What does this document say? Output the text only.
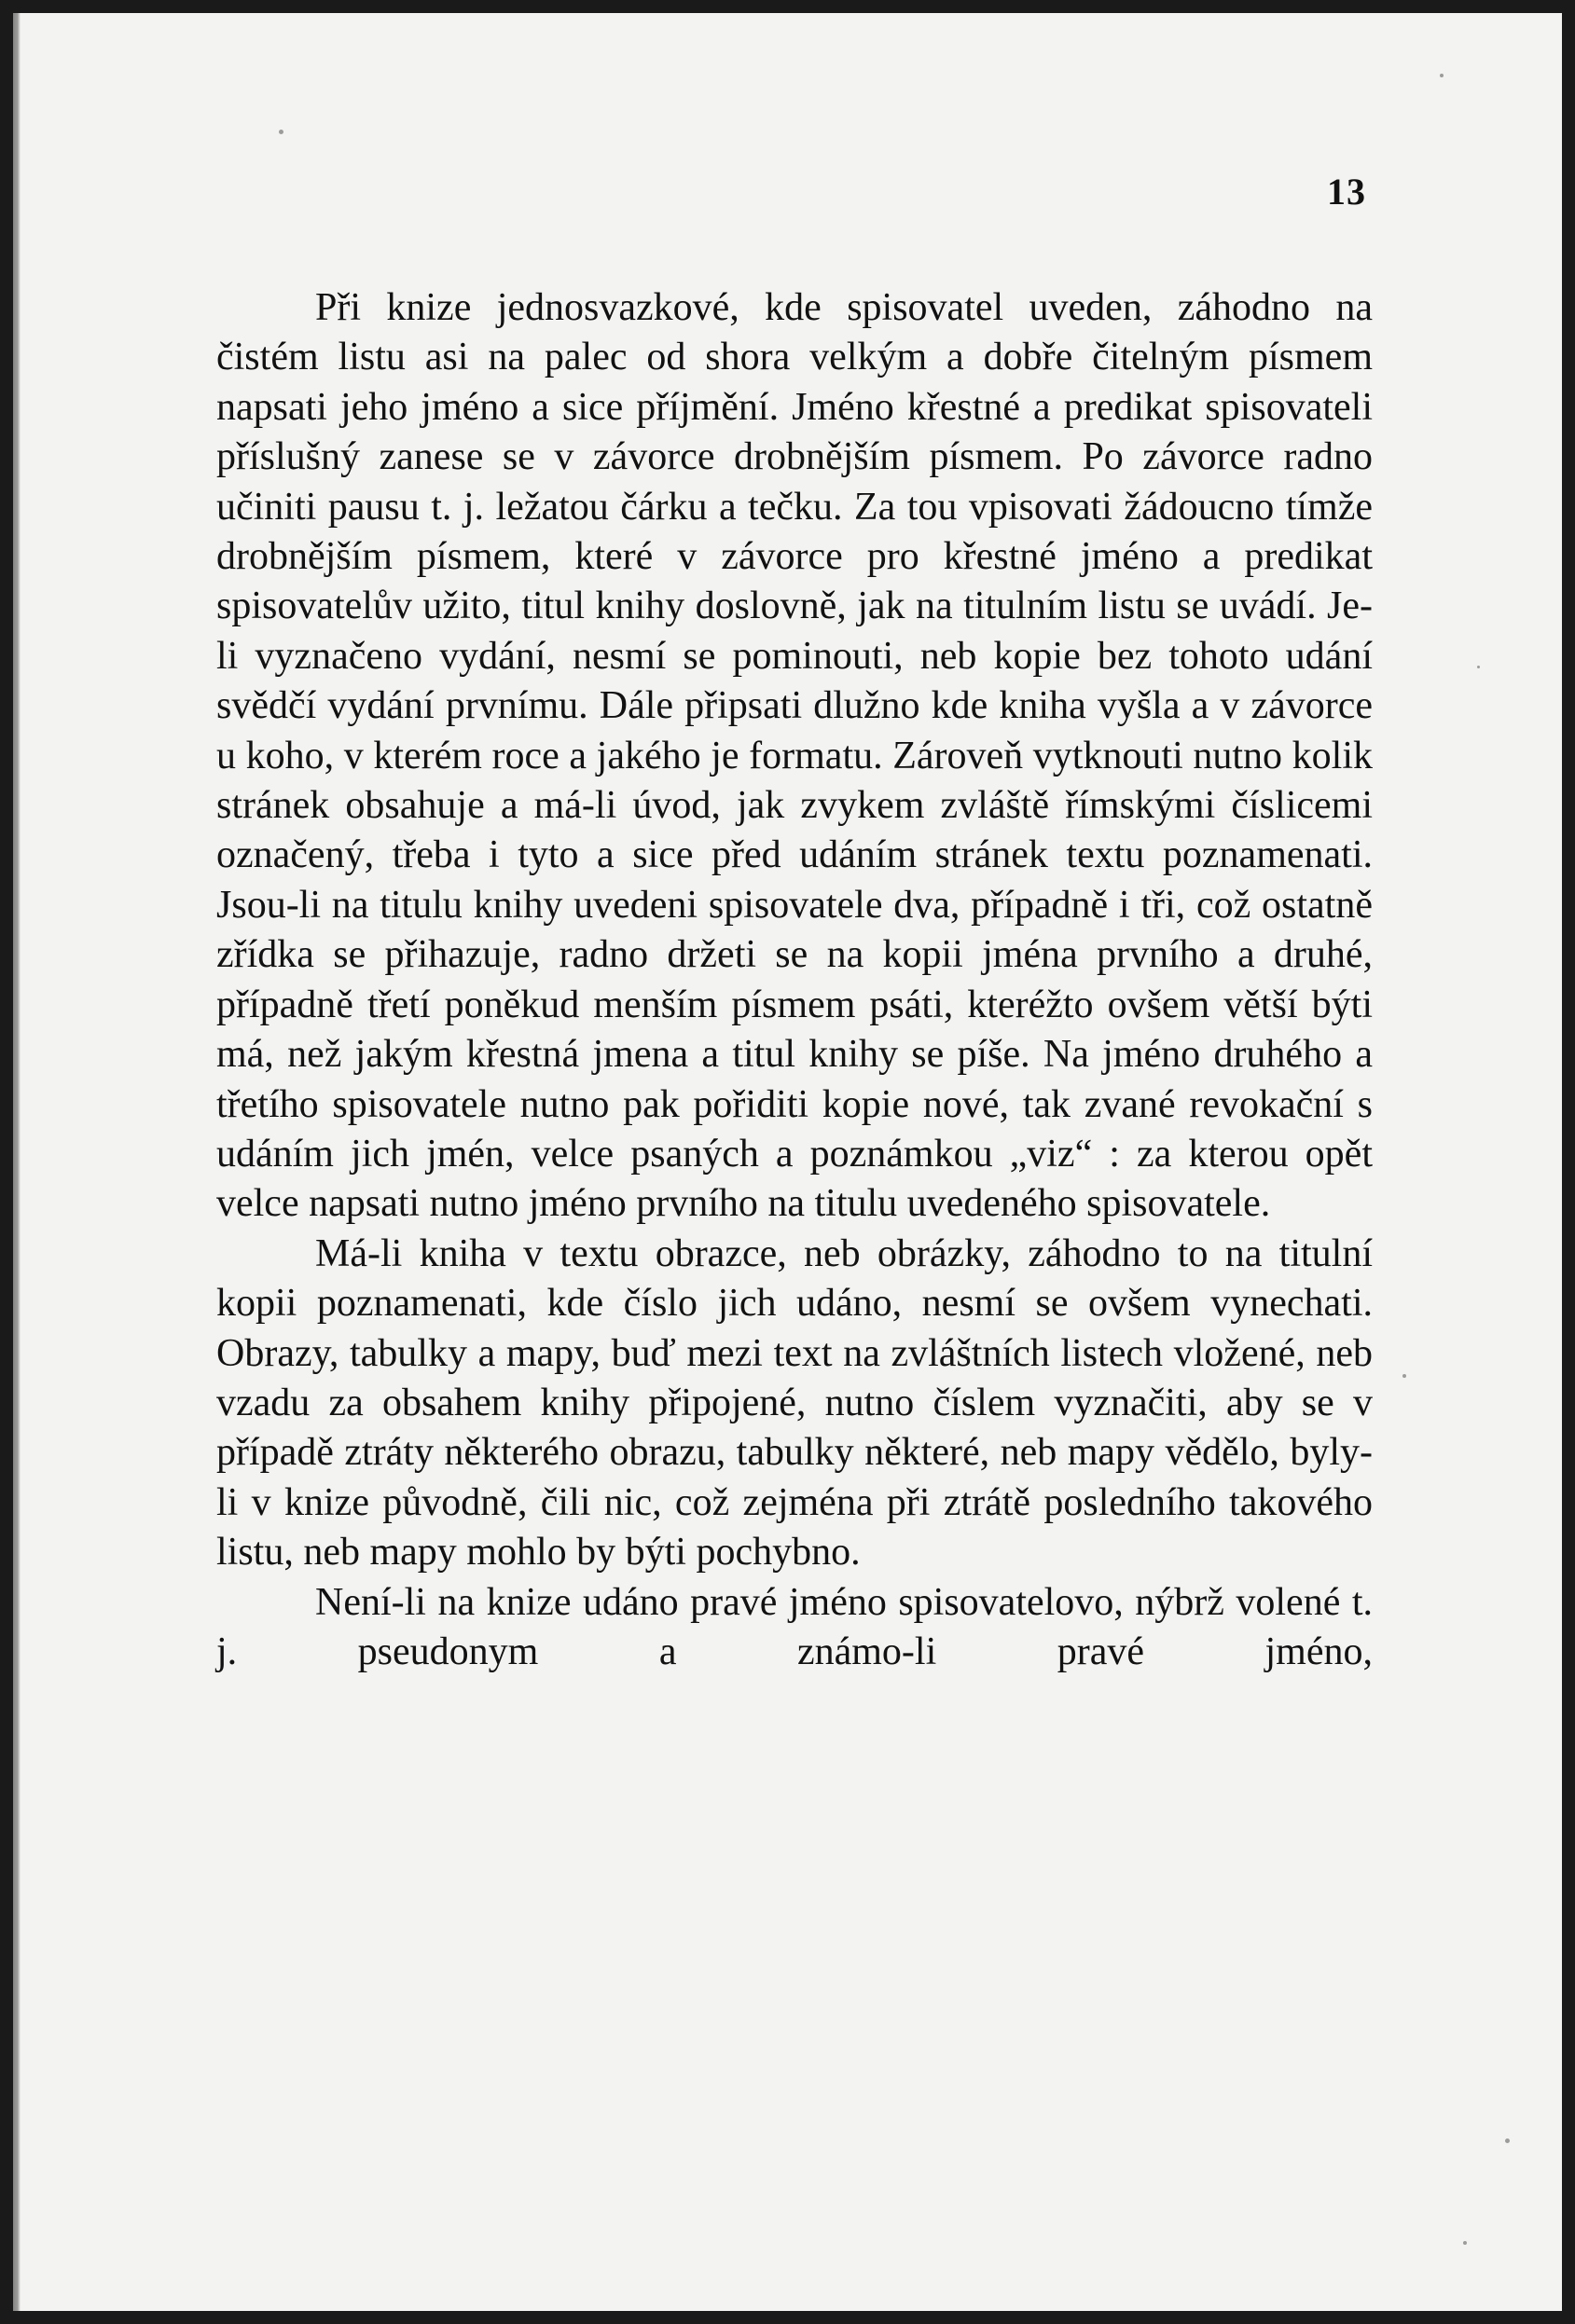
13

Při knize jednosvazkové, kde spisovatel uveden, záhodno na čistém listu asi na palec od shora velkým a dobře čitelným písmem napsati jeho jméno a sice příjmění. Jméno křestné a predikat spisovateli příslušný zanese se v závorce drobnějším písmem. Po závorce radno učiniti pausu t. j. ležatou čárku a tečku. Za tou vpisovati žádoucno tímže drobnějším písmem, které v závorce pro křestné jméno a predikat spisovatelův užito, titul knihy doslovně, jak na titulním listu se uvádí. Je-li vyznačeno vydání, nesmí se pominouti, neb kopie bez tohoto udání svědčí vydání prvnímu. Dále připsati dlužno kde kniha vyšla a v závorce u koho, v kterém roce a jakého je formatu. Zároveň vytknouti nutno kolik stránek obsahuje a má-li úvod, jak zvykem zvláště římskými číslicemi označený, třeba i tyto a sice před udáním stránek textu poznamenati. Jsou-li na titulu knihy uvedeni spisovatele dva, případně i tři, což ostatně zřídka se přihazuje, radno držeti se na kopii jména prvního a druhé, případně třetí poněkud menším písmem psáti, kteréžto ovšem větší býti má, než jakým křestná jmena a titul knihy se píše. Na jméno druhého a třetího spisovatele nutno pak pořiditi kopie nové, tak zvané revokační s udáním jich jmén, velce psaných a poznámkou „viz“ : za kterou opět velce napsati nutno jméno prvního na titulu uvedeného spisovatele.

Má-li kniha v textu obrazce, neb obrázky, záhodno to na titulní kopii poznamenati, kde číslo jich udáno, nesmí se ovšem vynechati. Obrazy, tabulky a mapy, buď mezi text na zvláštních listech vložené, neb vzadu za obsahem knihy připojené, nutno číslem vyznačiti, aby se v případě ztráty některého obrazu, tabulky některé, neb mapy vědělo, byly-li v knize původně, čili nic, což zejména při ztrátě posledního takového listu, neb mapy mohlo by býti pochybno.

Není-li na knize udáno pravé jméno spisovatelovo, nýbrž volené t. j. pseudonym a známo-li pravé jméno,
